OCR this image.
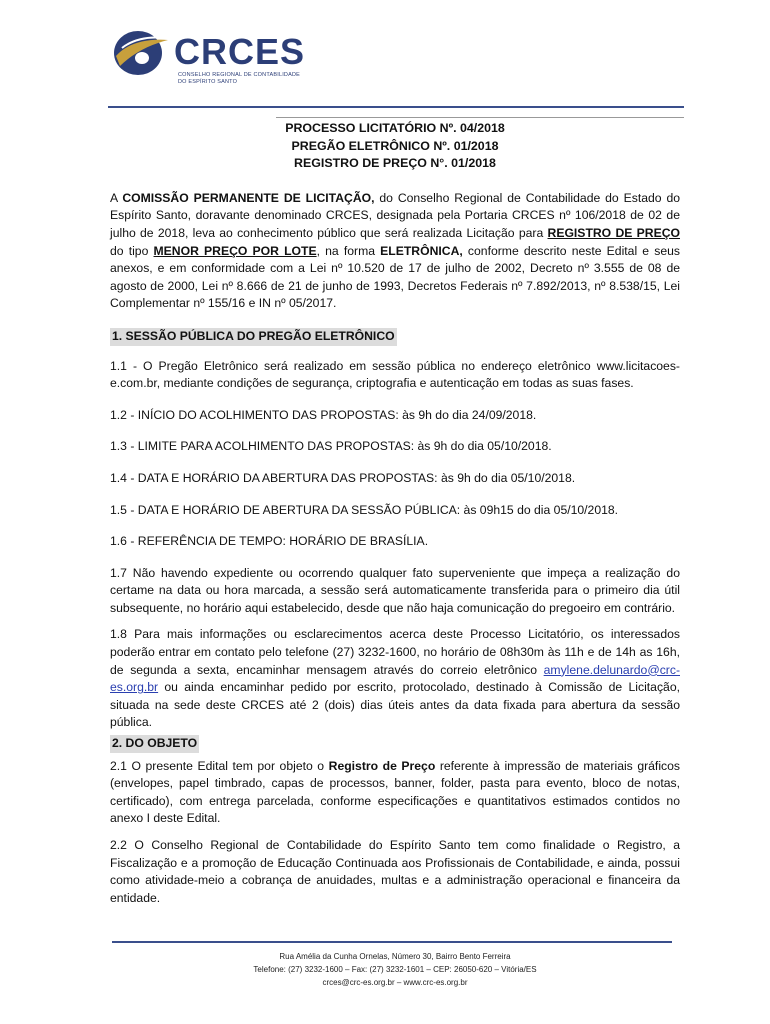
CRCES
CONSELHO REGIONAL DE CONTABILIDADE
DO ESPÍRITO SANTO
PROCESSO LICITATÓRIO Nº. 04/2018
PREGÃO ELETRÔNICO Nº. 01/2018
REGISTRO DE PREÇO N°. 01/2018

A COMISSÃO PERMANENTE DE LICITAÇÃO, do Conselho Regional de Contabilidade do Estado do Espírito Santo, doravante denominado CRCES, designada pela Portaria CRCES nº 106/2018 de 02 de julho de 2018, leva ao conhecimento público que será realizada Licitação para REGISTRO DE PREÇO do tipo MENOR PREÇO POR LOTE, na forma ELETRÔNICA, conforme descrito neste Edital e seus anexos, e em conformidade com a Lei nº 10.520 de 17 de julho de 2002, Decreto nº 3.555 de 08 de agosto de 2000, Lei nº 8.666 de 21 de junho de 1993, Decretos Federais nº 7.892/2013, nº 8.538/15, Lei Complementar nº 155/16 e IN nº 05/2017.

1. SESSÃO PÚBLICA DO PREGÃO ELETRÔNICO

1.1 - O Pregão Eletrônico será realizado em sessão pública no endereço eletrônico www.licitacoes-e.com.br, mediante condições de segurança, criptografia e autenticação em todas as suas fases.

1.2 - INÍCIO DO ACOLHIMENTO DAS PROPOSTAS: às 9h do dia 24/09/2018.

1.3 - LIMITE PARA ACOLHIMENTO DAS PROPOSTAS: às 9h do dia 05/10/2018.

1.4 - DATA E HORÁRIO DA ABERTURA DAS PROPOSTAS: às 9h do dia 05/10/2018.

1.5 - DATA E HORÁRIO DE ABERTURA DA SESSÃO PÚBLICA: às 09h15 do dia 05/10/2018.

1.6 - REFERÊNCIA DE TEMPO: HORÁRIO DE BRASÍLIA.

1.7 Não havendo expediente ou ocorrendo qualquer fato superveniente que impeça a realização do certame na data ou hora marcada, a sessão será automaticamente transferida para o primeiro dia útil subsequente, no horário aqui estabelecido, desde que não haja comunicação do pregoeiro em contrário.

1.8 Para mais informações ou esclarecimentos acerca deste Processo Licitatório, os interessados poderão entrar em contato pelo telefone (27) 3232-1600, no horário de 08h30m às 11h e de 14h as 16h, de segunda a sexta, encaminhar mensagem através do correio eletrônico amylene.delunardo@crc-es.org.br ou ainda encaminhar pedido por escrito, protocolado, destinado à Comissão de Licitação, situada na sede deste CRCES até 2 (dois) dias úteis antes da data fixada para abertura da sessão pública.

2. DO OBJETO

2.1 O presente Edital tem por objeto o Registro de Preço referente à impressão de materiais gráficos (envelopes, papel timbrado, capas de processos, banner, folder, pasta para evento, bloco de notas, certificado), com entrega parcelada, conforme especificações e quantitativos estimados contidos no anexo I deste Edital.

2.2 O Conselho Regional de Contabilidade do Espírito Santo tem como finalidade o Registro, a Fiscalização e a promoção de Educação Continuada aos Profissionais de Contabilidade, e ainda, possui como atividade-meio a cobrança de anuidades, multas e a administração operacional e financeira da entidade.

Rua Amélia da Cunha Ornelas, Número 30, Bairro Bento Ferreira
Telefone: (27) 3232-1600 – Fax: (27) 3232-1601 – CEP: 26050-620 – Vitória/ES
crces@crc-es.org.br – www.crc-es.org.br
